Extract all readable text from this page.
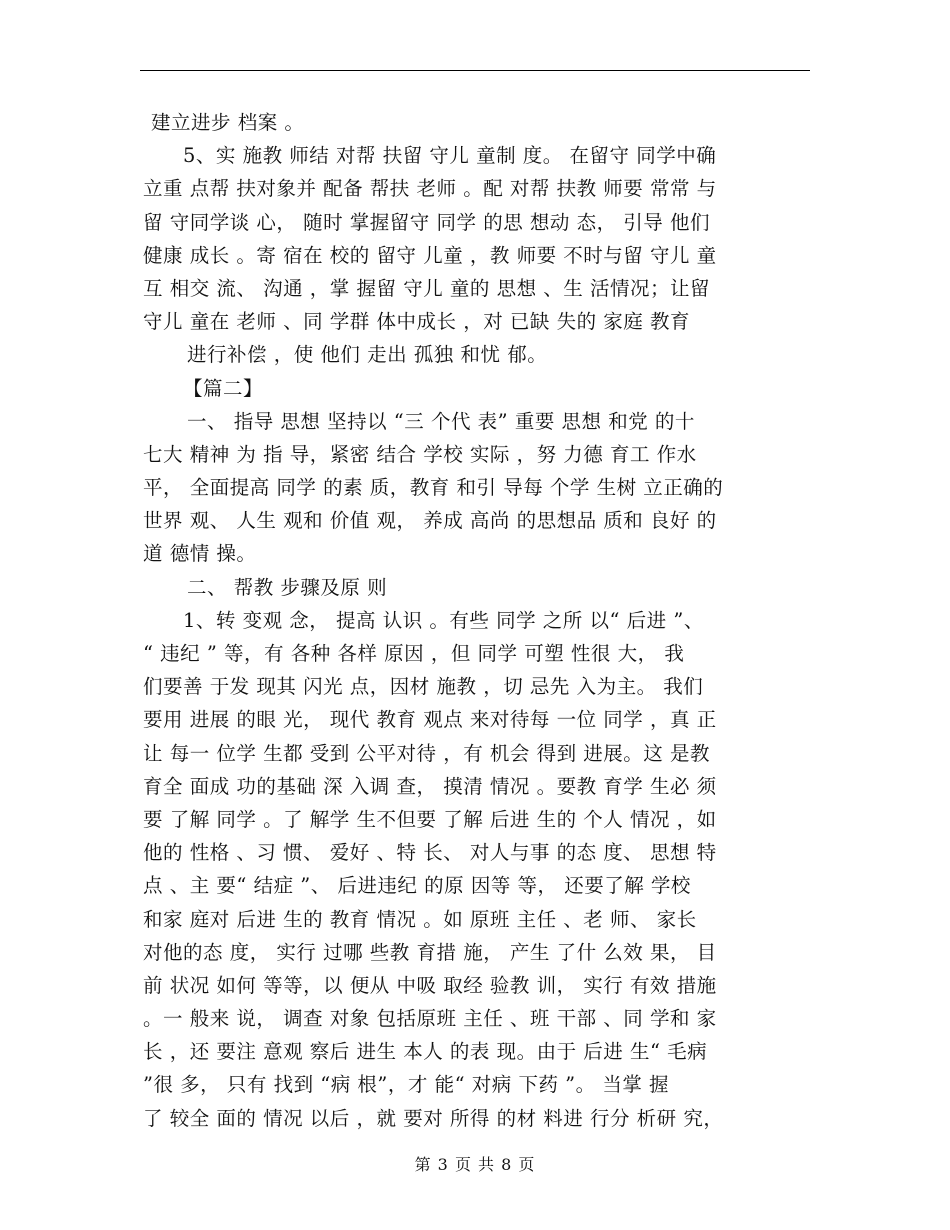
建立进步 档案 。
5、实 施教 师结 对帮 扶留 守儿 童制 度。 在留守 同学中确
立重 点帮 扶对象并 配备 帮扶 老师 。配 对帮 扶教 师要 常常 与
留 守同学谈 心， 随时 掌握留守 同学 的思 想动 态， 引导 他们
健康 成长 。寄 宿在 校的 留守 儿童 ，教 师要 不时与留 守儿 童
互 相交 流、 沟通 ，掌 握留 守儿 童的 思想 、生 活情况；让留
守儿 童在 老师 、同 学群 体中成长 ，对 已缺 失的 家庭 教育
进行补偿 ，使 他们 走出 孤独 和忧 郁。
【篇二】
一、 指导 思想 坚持以 “三 个代 表” 重要 思想 和党 的十
七大 精神 为 指 导，紧密 结合 学校 实际 ，努 力德 育工 作水
平， 全面提高 同学 的素 质，教育 和引 导每 个学 生树 立正确的
世界 观、 人生 观和 价值 观， 养成 高尚 的思想品 质和 良好 的
道 德情 操。
二、 帮教 步骤及原 则
1、转 变观 念， 提高 认识 。有些 同学 之所 以“ 后进 ”、
“ 违纪 ” 等，有 各种 各样 原因 ，但 同学 可塑 性很 大， 我
们要善 于发 现其 闪光 点，因材 施教 ，切 忌先 入为主。 我们
要用 进展 的眼 光， 现代 教育 观点 来对待每 一位 同学 ，真 正
让 每一 位学 生都 受到 公平对待 ，有 机会 得到 进展。这 是教
育全 面成 功的基础 深 入调 查， 摸清 情况 。要教 育学 生必 须
要 了解 同学 。了 解学 生不但要 了解 后进 生的 个人 情况 ，如
他的 性格 、习 惯、 爱好 、特 长、 对人与事 的态 度、 思想 特
点 、主 要“ 结症 ”、 后进违纪 的原 因等 等， 还要了解 学校
和家 庭对 后进 生的 教育 情况 。如 原班 主任 、老 师、 家长
对他的态 度， 实行 过哪 些教 育措 施， 产生 了什 么效 果， 目
前 状况 如何 等等，以 便从 中吸 取经 验教 训， 实行 有效 措施
。一 般来 说， 调查 对象 包括原班 主任 、班 干部 、同 学和 家
长 ，还 要注 意观 察后 进生 本人 的表 现。由于 后进 生“ 毛病
”很 多， 只有 找到 “病 根”，才 能“ 对病 下药 ”。 当掌 握
了 较全 面的 情况 以后 ，就 要对 所得 的材 料进 行分 析研 究，
第 3 页 共 8 页
